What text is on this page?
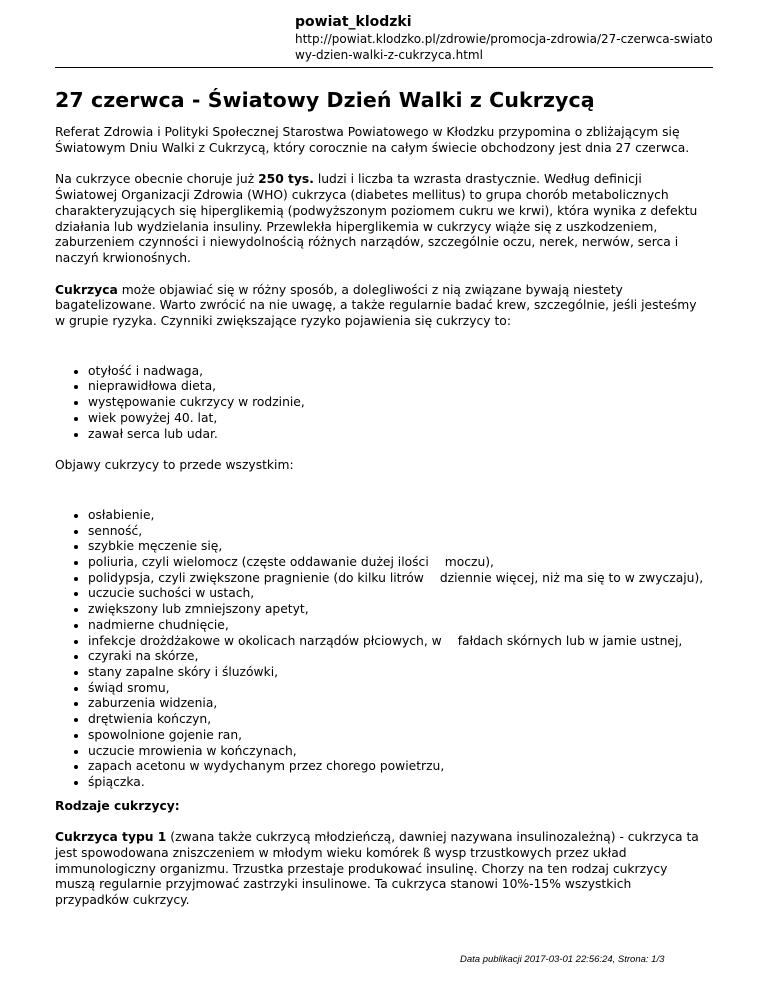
powiat_klodzki
http://powiat.klodzko.pl/zdrowie/promocja-zdrowia/27-czerwca-swiatowy-dzien-walki-z-cukrzyca.html
27 czerwca - Światowy Dzień Walki z Cukrzycą

Referat Zdrowia i Polityki Społecznej Starostwa Powiatowego w Kłodzku przypomina o zbliżającym się Światowym Dniu Walki z Cukrzycą, który corocznie na całym świecie obchodzony jest dnia 27 czerwca.

Na cukrzyce obecnie choruje już 250 tys. ludzi i liczba ta wzrasta drastycznie. Według definicji Światowej Organizacji Zdrowia (WHO) cukrzyca (diabetes mellitus) to grupa chorób metabolicznych charakteryzujących się hiperglikemią (podwyższonym poziomem cukru we krwi), która wynika z defektu działania lub wydzielania insuliny. Przewlekła hiperglikemia w cukrzycy wiąże się z uszkodzeniem, zaburzeniem czynności i niewydolnością różnych narządów, szczególnie oczu, nerek, nerwów, serca i naczyń krwionośnych.

Cukrzyca może objawiać się w różny sposób, a dolegliwości z nią związane bywają niestety bagatelizowane. Warto zwrócić na nie uwagę, a także regularnie badać krew, szczególnie, jeśli jesteśmy w grupie ryzyka. Czynniki zwiększające ryzyko pojawienia się cukrzycy to:

• otyłość i nadwaga,
• nieprawidłowa dieta,
• występowanie cukrzycy w rodzinie,
• wiek powyżej 40. lat,
• zawał serca lub udar.

Objawy cukrzycy to przede wszystkim:

• osłabienie,
• senność,
• szybkie męczenie się,
• poliuria, czyli wielomocz (częste oddawanie dużej ilości moczu),
• polidypsja, czyli zwiększone pragnienie (do kilku litrów dziennie więcej, niż ma się to w zwyczaju),
• uczucie suchości w ustach,
• zwiększony lub zmniejszony apetyt,
• nadmierne chudnięcie,
• infekcje drożdżakowe w okolicach narządów płciowych, w fałdach skórnych lub w jamie ustnej,
• czyraki na skórze,
• stany zapalne skóry i śluzówki,
• świąd sromu,
• zaburzenia widzenia,
• drętwienia kończyn,
• spowolnione gojenie ran,
• uczucie mrowienia w kończynach,
• zapach acetonu w wydychanym przez chorego powietrzu,
• śpiączka.

Rodzaje cukrzycy:

Cukrzyca typu 1 (zwana także cukrzycą młodzieńczą, dawniej nazywana insulinozależną) - cukrzyca ta jest spowodowana zniszczeniem w młodym wieku komórek ß wysp trzustkowych przez układ immunologiczny organizmu. Trzustka przestaje produkować insulinę. Chorzy na ten rodzaj cukrzycy muszą regularnie przyjmować zastrzyki insulinowe. Ta cukrzyca stanowi 10%-15% wszystkich przypadków cukrzycy.

Data publikacji 2017-03-01 22:56:24, Strona: 1/3
